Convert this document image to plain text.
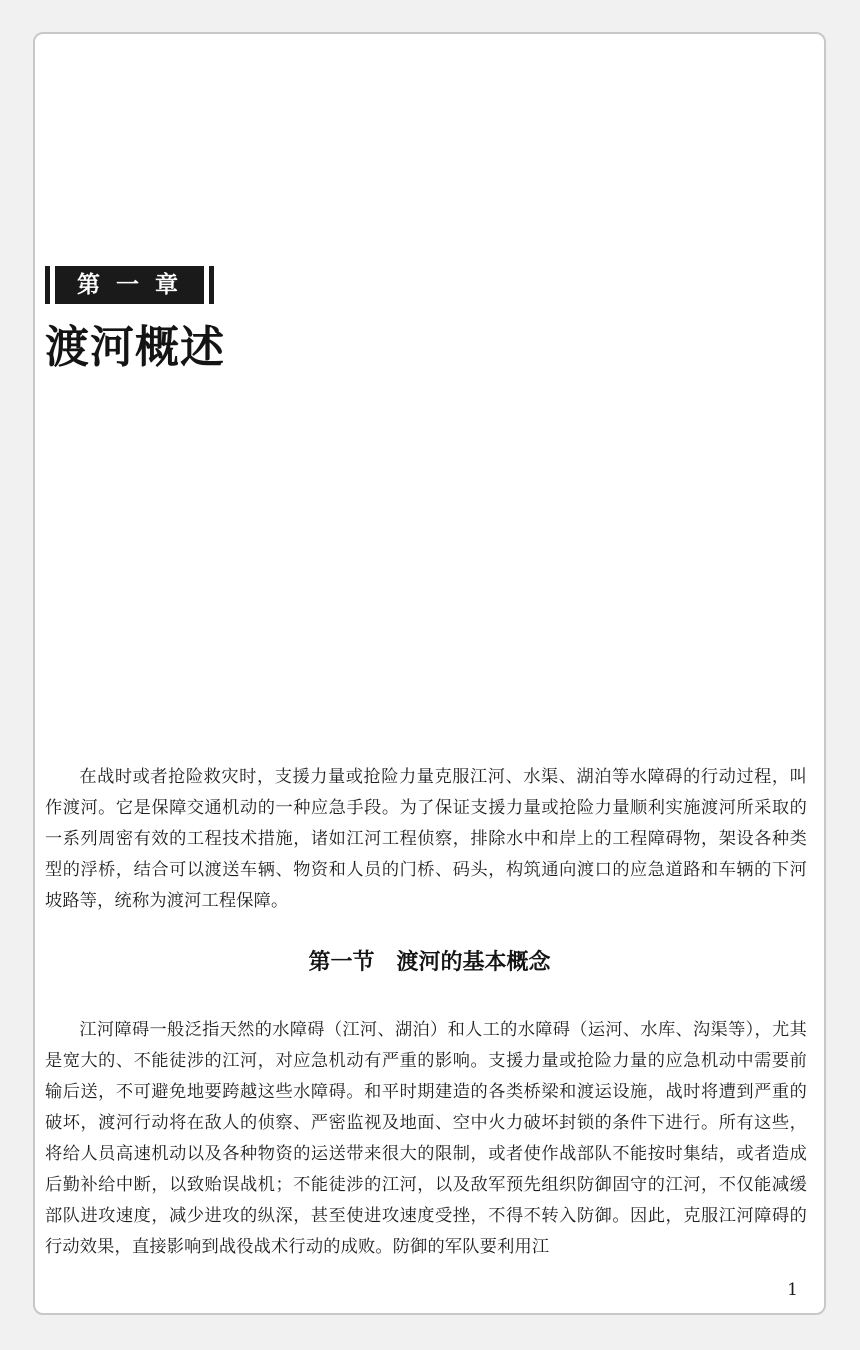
第 一 章
渡河概述

在战时或者抢险救灾时，支援力量或抢险力量克服江河、水渠、湖泊等水障碍的行动过程，叫作渡河。它是保障交通机动的一种应急手段。为了保证支援力量或抢险力量顺利实施渡河所采取的一系列周密有效的工程技术措施，诸如江河工程侦察，排除水中和岸上的工程障碍物，架设各种类型的浮桥，结合可以渡送车辆、物资和人员的门桥、码头，构筑通向渡口的应急道路和车辆的下河坡路等，统称为渡河工程保障。

第一节　渡河的基本概念

江河障碍一般泛指天然的水障碍（江河、湖泊）和人工的水障碍（运河、水库、沟渠等），尤其是宽大的、不能徒涉的江河，对应急机动有严重的影响。支援力量或抢险力量的应急机动中需要前输后送，不可避免地要跨越这些水障碍。和平时期建造的各类桥梁和渡运设施，战时将遭到严重的破坏，渡河行动将在敌人的侦察、严密监视及地面、空中火力破坏封锁的条件下进行。所有这些，将给人员高速机动以及各种物资的运送带来很大的限制，或者使作战部队不能按时集结，或者造成后勤补给中断，以致贻误战机；不能徒涉的江河，以及敌军预先组织防御固守的江河，不仅能减缓部队进攻速度，减少进攻的纵深，甚至使进攻速度受挫，不得不转入防御。因此，克服江河障碍的行动效果，直接影响到战役战术行动的成败。防御的军队要利用江

1
